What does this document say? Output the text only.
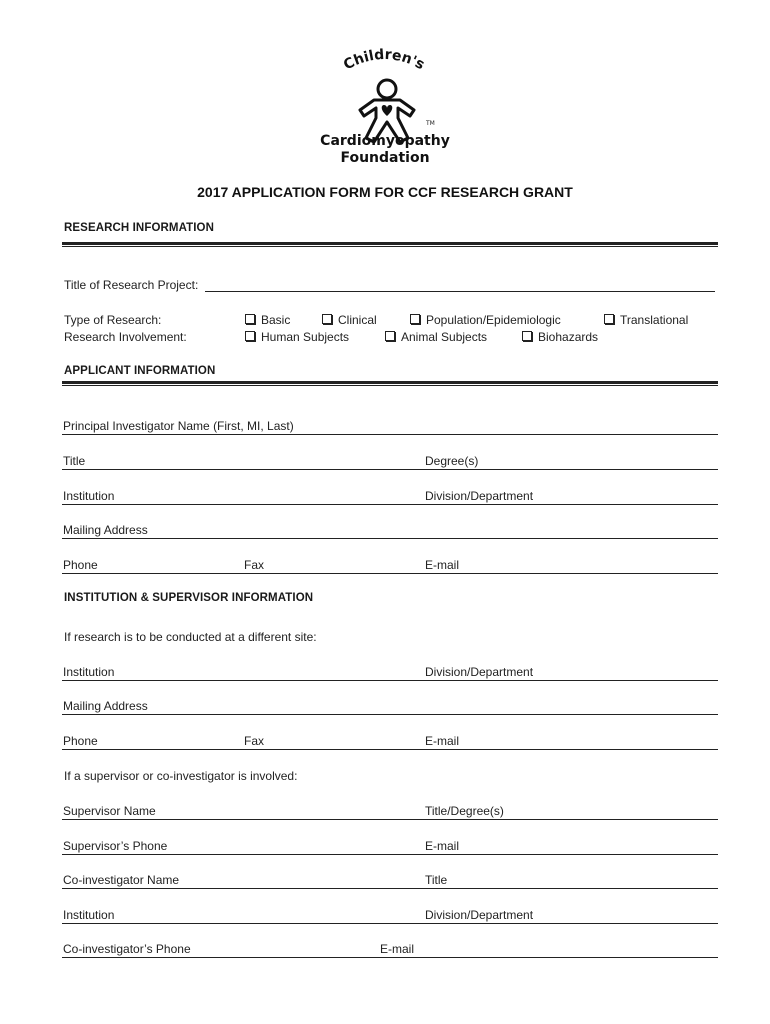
Children's
TM
Cardiomyopathy
Foundation
2017 APPLICATION FORM FOR CCF RESEARCH GRANT
RESEARCH INFORMATION
Title of Research Project:
Type of Research:	Basic	Clinical	Population/Epidemiologic	Translational
Research Involvement:	Human Subjects	Animal Subjects	Biohazards
APPLICANT INFORMATION
Principal Investigator Name (First, MI, Last)
Title	Degree(s)
Institution	Division/Department
Mailing Address
Phone	Fax	E-mail
INSTITUTION & SUPERVISOR INFORMATION
If research is to be conducted at a different site:
Institution	Division/Department
Mailing Address
Phone	Fax	E-mail
If a supervisor or co-investigator is involved:
Supervisor Name	Title/Degree(s)
Supervisor’s Phone	E-mail
Co-investigator Name	Title
Institution	Division/Department
Co-investigator’s Phone	E-mail
